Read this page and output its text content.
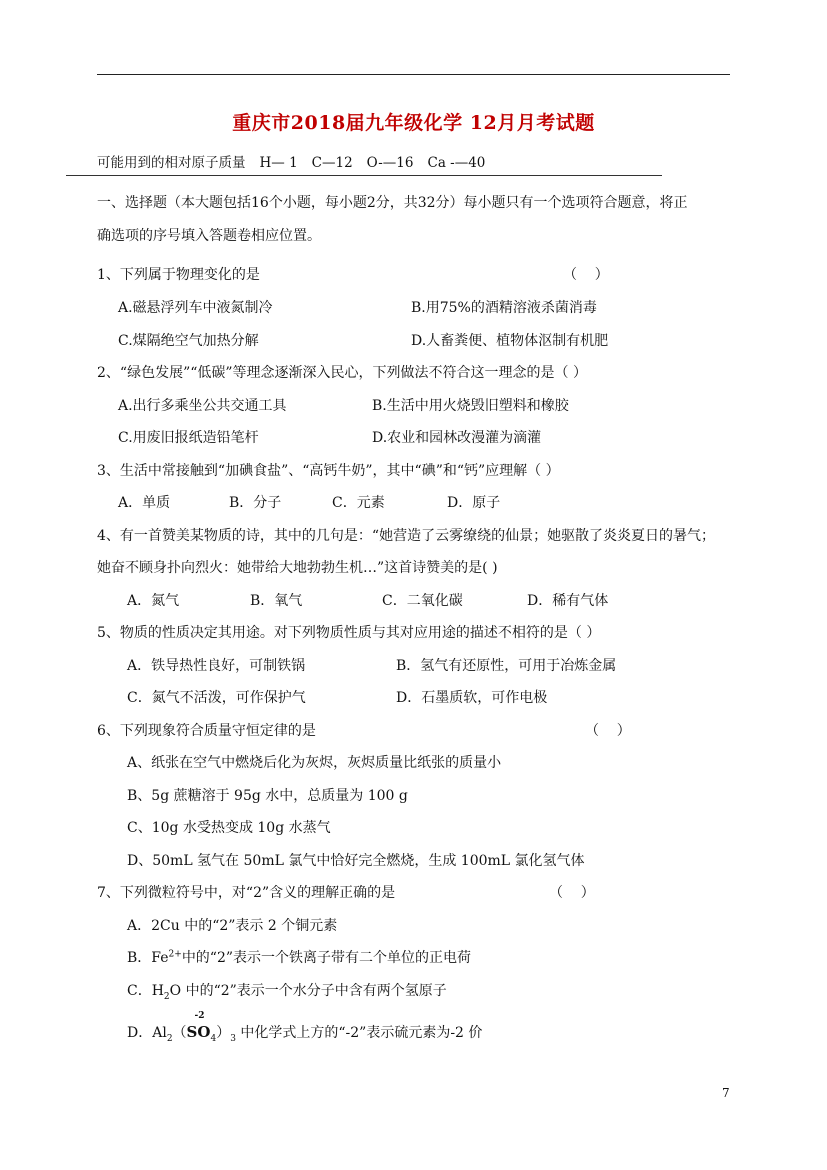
重庆市2018届九年级化学 12月月考试题
可能用到的相对原子质量 H— 1 C—12 O-—16 Ca -—40
一、选择题（本大题包括16个小题，每小题2分，共32分）每小题只有一个选项符合题意，将正
确选项的序号填入答题卷相应位置。
1、下列属于物理变化的是	（    ）
A.磁悬浮列车中液氮制冷	B.用75%的酒精溶液杀菌消毒
C.煤隔绝空气加热分解	D.人畜粪便、植物体沤制有机肥
2、“绿色发展”“低碳”等理念逐渐深入民心，下列做法不符合这一理念的是（ ）
A.出行多乘坐公共交通工具	B.生活中用火烧毁旧塑料和橡胶
C.用废旧报纸造铅笔杆	D.农业和园林改漫灌为滴灌
3、生活中常接触到“加碘食盐”、“高钙牛奶”，其中“碘”和“钙”应理解（ ）
A．单质	B．分子	C．元素	D．原子
4、有一首赞美某物质的诗，其中的几句是：“她营造了云雾缭绕的仙景；她驱散了炎炎夏日的暑气；
她奋不顾身扑向烈火：她带给大地勃勃生机…”这首诗赞美的是( )
A．氮气	B．氧气	C．二氧化碳	D．稀有气体
5、物质的性质决定其用途。对下列物质性质与其对应用途的描述不相符的是（ ）
A．铁导热性良好，可制铁锅	B．氢气有还原性，可用于冶炼金属
C．氮气不活泼，可作保护气	D．石墨质软，可作电极
6、下列现象符合质量守恒定律的是	（    ）
A、纸张在空气中燃烧后化为灰烬，灰烬质量比纸张的质量小
B、5g 蔗糖溶于 95g 水中，总质量为 100 g
C、10g 水受热变成 10g 水蒸气
D、50mL 氢气在 50mL 氯气中恰好完全燃烧，生成 100mL 氯化氢气体
7、下列微粒符号中，对“2”含义的理解正确的是	（    ）
A．2Cu 中的“2”表示 2 个铜元素
B．$Fe^{2+}$中的“2”表示一个铁离子带有二个单位的正电荷
C．$H_2O$ 中的“2”表示一个水分子中含有两个氢原子
D．$Al_2$（
-2
$SO_4)_3$ 中化学式上方的“-2”表示硫元素为-2 价
7
